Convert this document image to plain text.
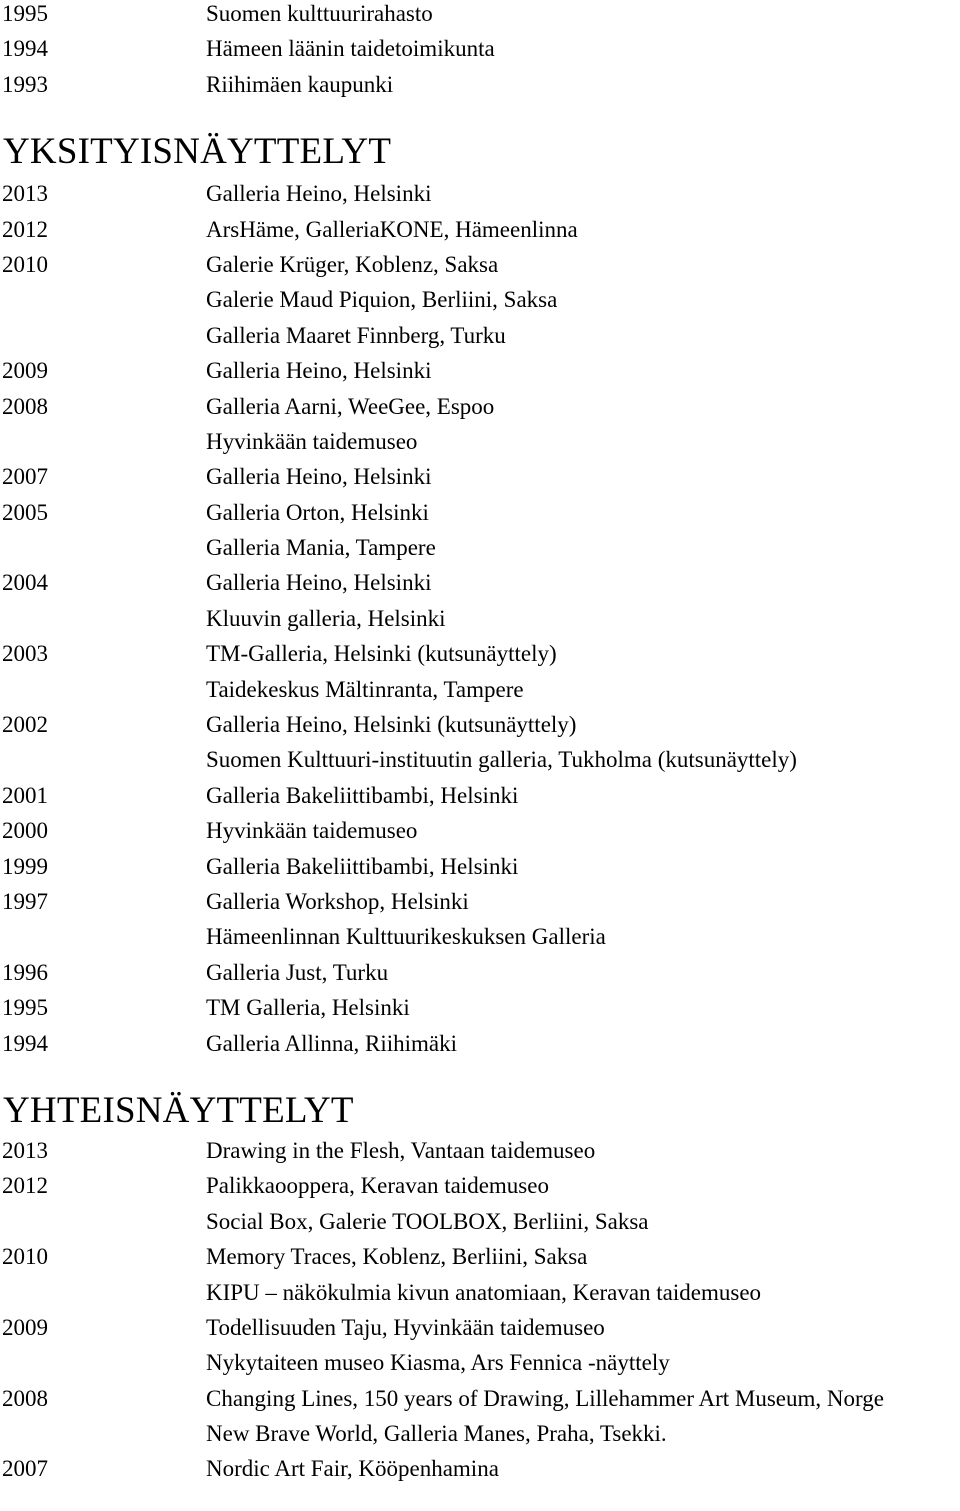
1995	Suomen kulttuurirahasto
1994	Hämeen läänin taidetoimikunta
1993	Riihimäen kaupunki
YKSITYISNÄYTTELYT
2013	Galleria Heino, Helsinki
2012	ArsHäme, GalleriaKONE, Hämeenlinna
2010	Galerie Krüger, Koblenz, Saksa
Galerie Maud Piquion, Berliini, Saksa
Galleria Maaret Finnberg, Turku
2009	Galleria Heino, Helsinki
2008	Galleria Aarni, WeeGee, Espoo
Hyvinkään taidemuseo
2007	Galleria Heino, Helsinki
2005	Galleria Orton, Helsinki
Galleria Mania, Tampere
2004	Galleria Heino, Helsinki
Kluuvin galleria, Helsinki
2003	TM-Galleria, Helsinki (kutsunäyttely)
Taidekeskus Mältinranta, Tampere
2002	Galleria Heino, Helsinki (kutsunäyttely)
Suomen Kulttuuri-instituutin galleria, Tukholma (kutsunäyttely)
2001	Galleria Bakeliittibambi, Helsinki
2000	Hyvinkään taidemuseo
1999	Galleria Bakeliittibambi, Helsinki
1997	Galleria Workshop, Helsinki
Hämeenlinnan Kulttuurikeskuksen Galleria
1996	Galleria Just, Turku
1995	TM Galleria, Helsinki
1994	Galleria Allinna, Riihimäki
YHTEISNÄYTTELYT
2013	Drawing in the Flesh, Vantaan taidemuseo
2012	Palikkaooppera, Keravan taidemuseo
Social Box, Galerie TOOLBOX, Berliini, Saksa
2010	Memory Traces, Koblenz, Berliini, Saksa
KIPU – näkökulmia kivun anatomiaan, Keravan taidemuseo
2009	Todellisuuden Taju, Hyvinkään taidemuseo
Nykytaiteen museo Kiasma, Ars Fennica -näyttely
2008	Changing Lines, 150 years of Drawing, Lillehammer Art Museum, Norge
New Brave World, Galleria Manes, Praha, Tsekki.
2007	Nordic Art Fair, Kööpenhamina
